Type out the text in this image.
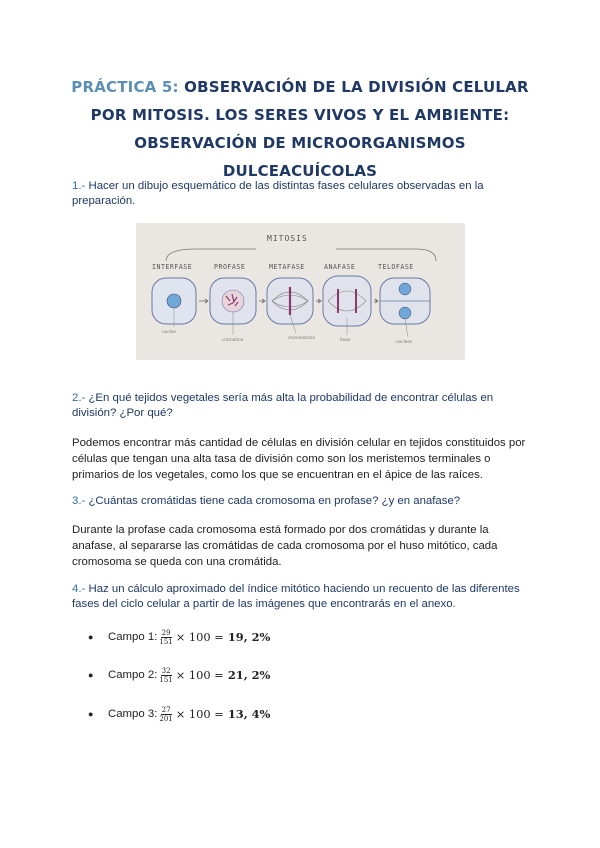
PRÁCTICA 5: OBSERVACIÓN DE LA DIVISIÓN CELULAR POR MITOSIS. LOS SERES VIVOS Y EL AMBIENTE: OBSERVACIÓN DE MICROORGANISMOS DULCEACUÍCOLAS
1.- Hacer un dibujo esquemático de las distintas fases celulares observadas en la preparación.
MITOSIS
INTERFASE	PROFASE	METAFASE	ANAFASE	TELOFASE
nucleo
cromatina	cromosomas	huso	nucleos
2.- ¿En qué tejidos vegetales sería más alta la probabilidad de encontrar células en división? ¿Por qué?
Podemos encontrar más cantidad de células en división celular en tejidos constituidos por células que tengan una alta tasa de división como son los meristemos terminales o primarios de los vegetales, como los que se encuentran en el ápice de las raíces.
3.- ¿Cuántas cromátidas tiene cada cromosoma en profase? ¿y en anafase?
Durante la profase cada cromosoma está formado por dos cromátidas y durante la anafase, al separarse las cromátidas de cada cromosoma por el huso mitótico, cada cromosoma se queda con una cromátida.
4.- Haz un cálculo aproximado del índice mitótico haciendo un recuento de las diferentes fases del ciclo celular a partir de las imágenes que encontrarás en el anexo.
●	Campo 1: $\frac{29}{151} \times 100 = 19$, 2%
●	Campo 2: $\frac{32}{151} \times 100 = 21$, 2%
●	Campo 3: $\frac{27}{201} \times 100 = 13$, 4%
